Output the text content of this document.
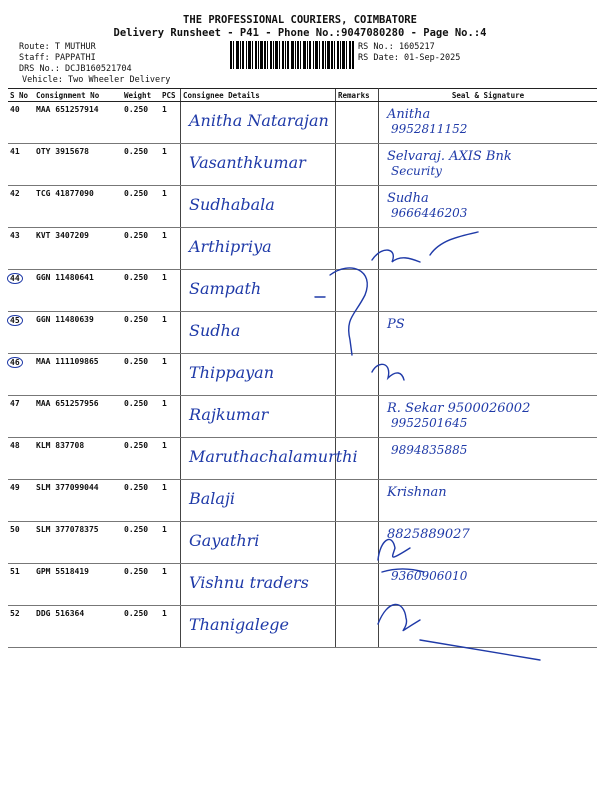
THE PROFESSIONAL COURIERS, COIMBATORE
Delivery Runsheet - P41 - Phone No.:9047080280 - Page No.:4
Route: T MUTHUR
Staff: PAPPATHI
DRS No.: DCJB160521704
Vehicle: Two Wheeler Delivery
RS No.: 1605217
RS Date: 01-Sep-2025
S No	Consignment No	Weight	PCS	Consignee Details	Remarks	Seal & Signature
40	MAA 651257914	0.250	1	Anitha Natarajan		Anitha
9952811152

41	OTY 3915678	0.250	1	Vasanthkumar		Selvaraj. AXIS Bnk
Security

42	TCG 41877090	0.250	1	Sudhabala		Sudha
9666446203

43	KVT 3407209	0.250	1	Arthipriya		

44	GGN 11480641	0.250	1	Sampath		

45	GGN 11480639	0.250	1	Sudha		PS

46	MAA 111109865	0.250	1	Thippayan		

47	MAA 651257956	0.250	1	Rajkumar		R. Sekar 9500026002
9952501645

48	KLM 837708	0.250	1	Maruthachalamurthi		9894835885

49	SLM 377099044	0.250	1	Balaji		Krishnan

50	SLM 377078375	0.250	1	Gayathri		8825889027

51	GPM 5518419	0.250	1	Vishnu traders		9360906010

52	DDG 516364	0.250	1	Thanigalege		
